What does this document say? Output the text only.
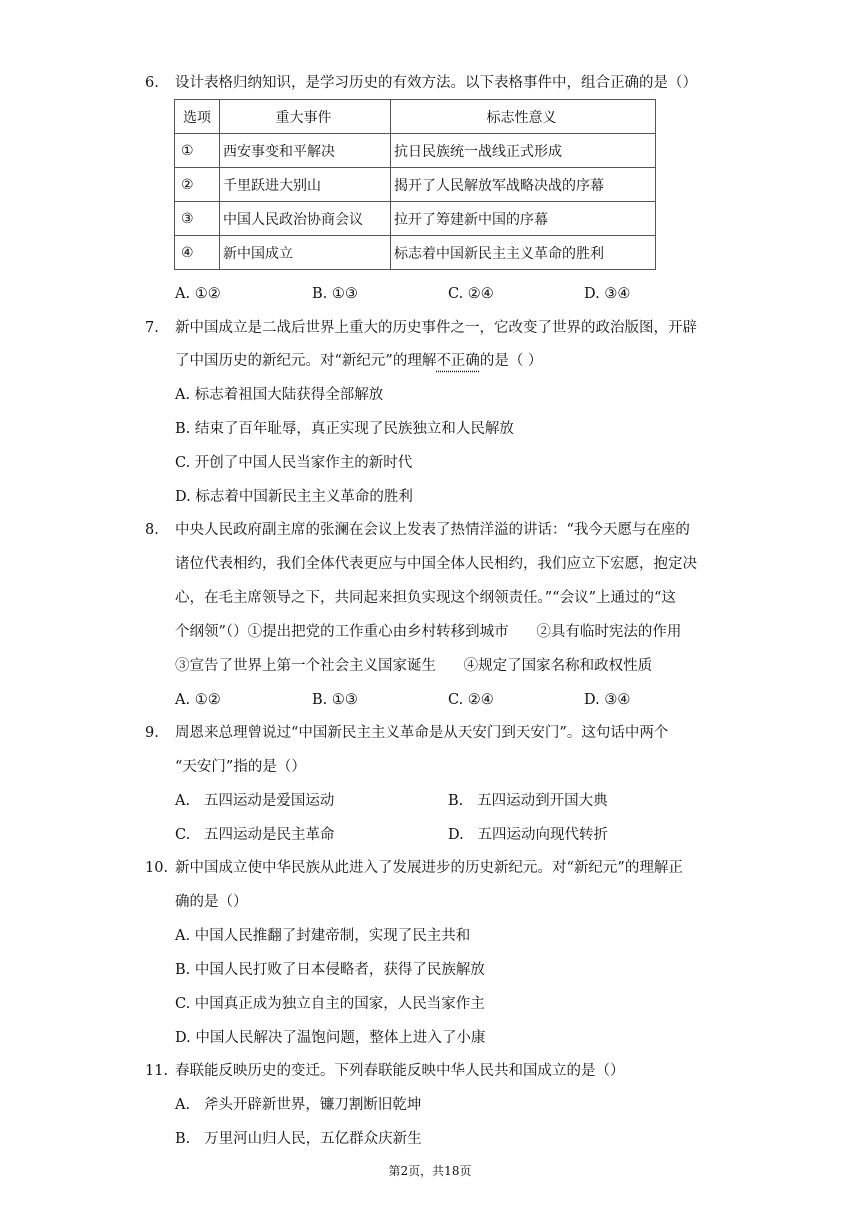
6. 设计表格归纳知识，是学习历史的有效方法。以下表格事件中，组合正确的是（）
选项	重大事件	标志性意义
①	西安事变和平解决	抗日民族统一战线正式形成
②	千里跃进大别山	揭开了人民解放军战略决战的序幕
③	中国人民政治协商会议	拉开了筹建新中国的序幕
④	新中国成立	标志着中国新民主主义革命的胜利
A. ①②	B. ①③	C. ②④	D. ③④
7. 新中国成立是二战后世界上重大的历史事件之一，它改变了世界的政治版图，开辟
了中国历史的新纪元。对“新纪元”的理解不正确的是（ ）
A. 标志着祖国大陆获得全部解放
B. 结束了百年耻辱，真正实现了民族独立和人民解放
C. 开创了中国人民当家作主的新时代
D. 标志着中国新民主主义革命的胜利
8. 中央人民政府副主席的张澜在会议上发表了热情洋溢的讲话：“我今天愿与在座的
诸位代表相约，我们全体代表更应与中国全体人民相约，我们应立下宏愿，抱定决
心，在毛主席领导之下，共同起来担负实现这个纲领责任。”“会议”上通过的“这
个纲领”（）①提出把党的工作重心由乡村转移到城市      ②具有临时宪法的作用
③宣告了世界上第一个社会主义国家诞生      ④规定了国家名称和政权性质
A. ①②	B. ①③	C. ②④	D. ③④
9. 周恩来总理曾说过“中国新民主主义革命是从天安门到天安门”。这句话中两个
“天安门”指的是（）
A.   五四运动是爱国运动	B.   五四运动到开国大典
C.   五四运动是民主革命	D.   五四运动向现代转折
10. 新中国成立使中华民族从此进入了发展进步的历史新纪元。对“新纪元”的理解正
确的是（）
A. 中国人民推翻了封建帝制，实现了民主共和
B. 中国人民打败了日本侵略者，获得了民族解放
C. 中国真正成为独立自主的国家，人民当家作主
D. 中国人民解决了温饱问题，整体上进入了小康
11. 春联能反映历史的变迁。下列春联能反映中华人民共和国成立的是（）
A.   斧头开辟新世界，镰刀割断旧乾坤
B.   万里河山归人民，五亿群众庆新生
第2页，共18页
